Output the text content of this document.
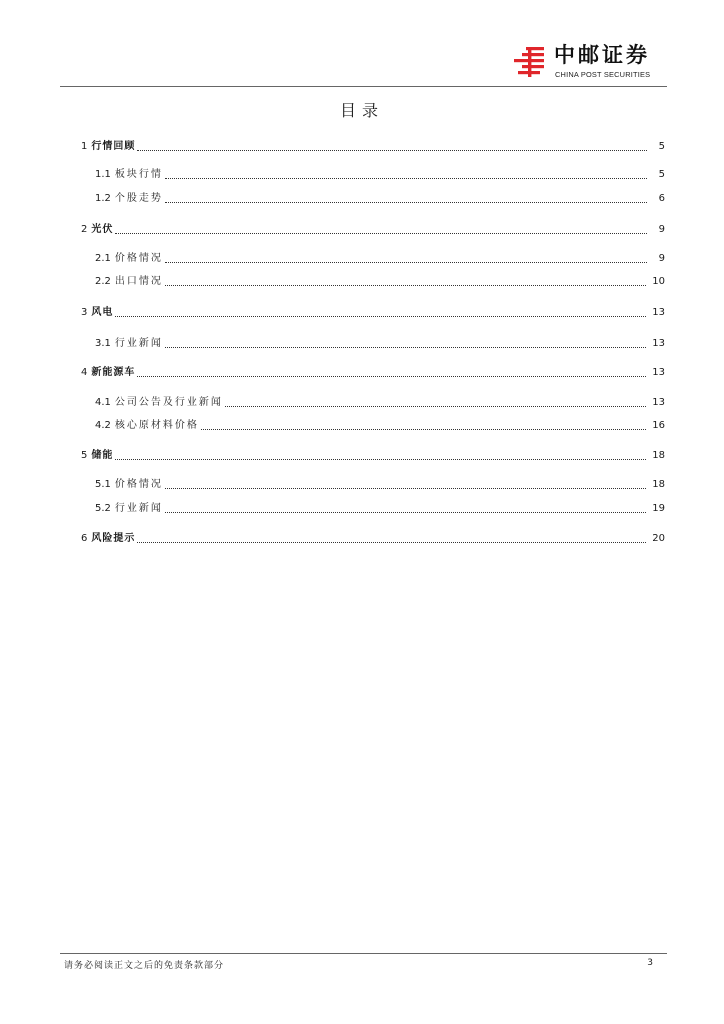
中邮证券
CHINA POST SECURITIES
目录
1 行情回顾	5
1.1 板块行情	5
1.2 个股走势	6
2 光伏	9
2.1 价格情况	9
2.2 出口情况	10
3 风电	13
3.1 行业新闻	13
4 新能源车	13
4.1 公司公告及行业新闻	13
4.2 核心原材料价格	16
5 储能	18
5.1 价格情况	18
5.2 行业新闻	19
6 风险提示	20
请务必阅读正文之后的免责条款部分	3
